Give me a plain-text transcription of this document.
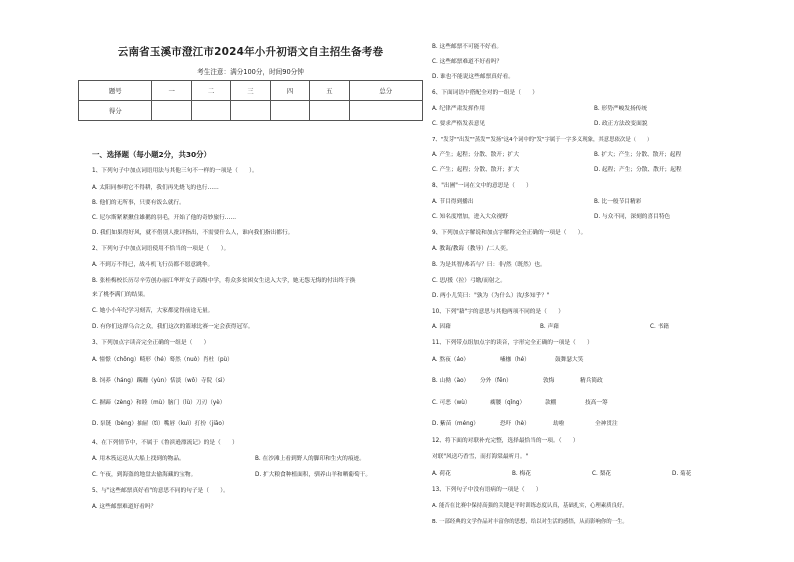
云南省玉溪市澄江市2024年小升初语文自主招生备考卷
考生注意：满分100分，时间90分钟
题号	一	二	三	四	五	总分
得分						
一、选择题（每小题2分，共30分）
1、下列句子中加点词语用法与其他三句不一样的一项是（　　）。
A. 太阳同参明它不得耕，我们再先烧飞的也行……
B. 他们的无所事，只要有饭么就行。
C. 尼尔斯紧紧揪住雄鹅的羽毛，开始了他的奇妙旅行……
D. 我们如果得好风，就不借别人批评指出，不需要什么人，谁向我们指出都行。
2、下列句子中加点词语使用不恰当的一项是（　　）。
A. 不到万不得已，战斗机飞行员都不愿意跳伞。
B. 张桂梅校长历尽辛劳创办丽江华坪女子高级中学，将众多贫困女生送入大学，她无怨无悔的付出终于换
来了桃李满门的结果。
C. 她小小年纪学习刻苦，大家都觉得前途无量。
D. 有你们这群乌合之众，我们这次的篮球比赛一定会获得冠军。
3、下列加点字读音完全正确的一组是（　　）
A. 憧憬（chōng）畸形（hé）蓦然（nuò）肖杜（pù）
B. 饲养（háng）蹒跚（yùn）恬淡（wǒ）寺院（sì）
C. 摒蹄（zèng）和睦（mù）脑门（lù）刀刃（yè）
D. 泵链（bèng）抽屉（tì）嘴唇（kuì）打扮（jiāo）
4、在下列情节中，不属于《鲁滨逊漂流记》的是（　　）
A. 用木筏运送从大船上找到的物品。	B. 在沙滩上看到野人的脚印和生火的痕迹。
C. 午夜，到海盗的地盘去偷海藏的宝物。	D. 扩大粮食种植面积，驯养山羊和晒葡萄干。
5、与"这些邮票真好看"的意思不同的句子是（　　）。
A. 这些邮票难道好看吗？
B. 这些邮票不可能不好看。
C. 这些邮票难道不好看吗？
D. 谁也不能说这些邮票真好看。
6、下面词语中搭配全对的一组是（　　）
A. 纪律严肃发挥作用	B. 形势严峻发扬传统
C. 要求严格发表意见	D. 政正方法改变面貌
7、"发芽""出发""蒸发""发扬"这4个词中的"发"字属于一字多义现象，其意思依次是（　　）
A. 产生；起程；分散、散开；扩大	B. 扩大；产生；分散、散开；起程
C. 产生；起程；分散、散开；扩大	D. 起程；产生；分散、散开；起程
8、"出圃"一词在文中的意思是（　　）
A. 节目得到播出	B. 比一般节目精彩
C. 知名度增加，进入大众视野	D. 与众不同，深刻的喜目特色
9、下列加点字解说和加点字解释完全正确的一项是（　　）。
A. 教诲/教诲（教导）/二人奕。
B. 为是其智/弗若与？曰：非/然（既然）也。
C. 思/援（拉）弓缴/而射之。
D. 两小儿笑曰："孰为（为什么）汝/多知乎？"
10、下列"藉"字的意思与其他两项不同的是（　　）
A. 因藉	B. 声藉	C. 书籍
11、下列带点组加点字的读音，字形完全正确的一项是（　　）
A. 熬夜（áo）	嗑枷（hé）	鼓舞瑟大笑
B. 山拗（ào） 分外（fēn）	敦悔	精兵简政
C. 可恶（wù）	瘸腰（qǐng）	款棚	技高一筹
D. 紫苗（méng）	恐吓（hè）	劫啦	全神贯注
12、将下面的对联补充完整，选择最恰当的一项。（　　）
对联"风送巧香雪，而打海棠最听月。"
A. 荷花	B. 梅花	C. 梨花	D. 菊花
13、下列句子中没有语病的一项是（　　）
A. 能否在比赛中保持高强的关键是平时训练态度认真，基础扎实，心理素质良好。
B. 一部经典的文学作品对丰富你的思想，给以对生活的感悟，从而影响你的一生。
